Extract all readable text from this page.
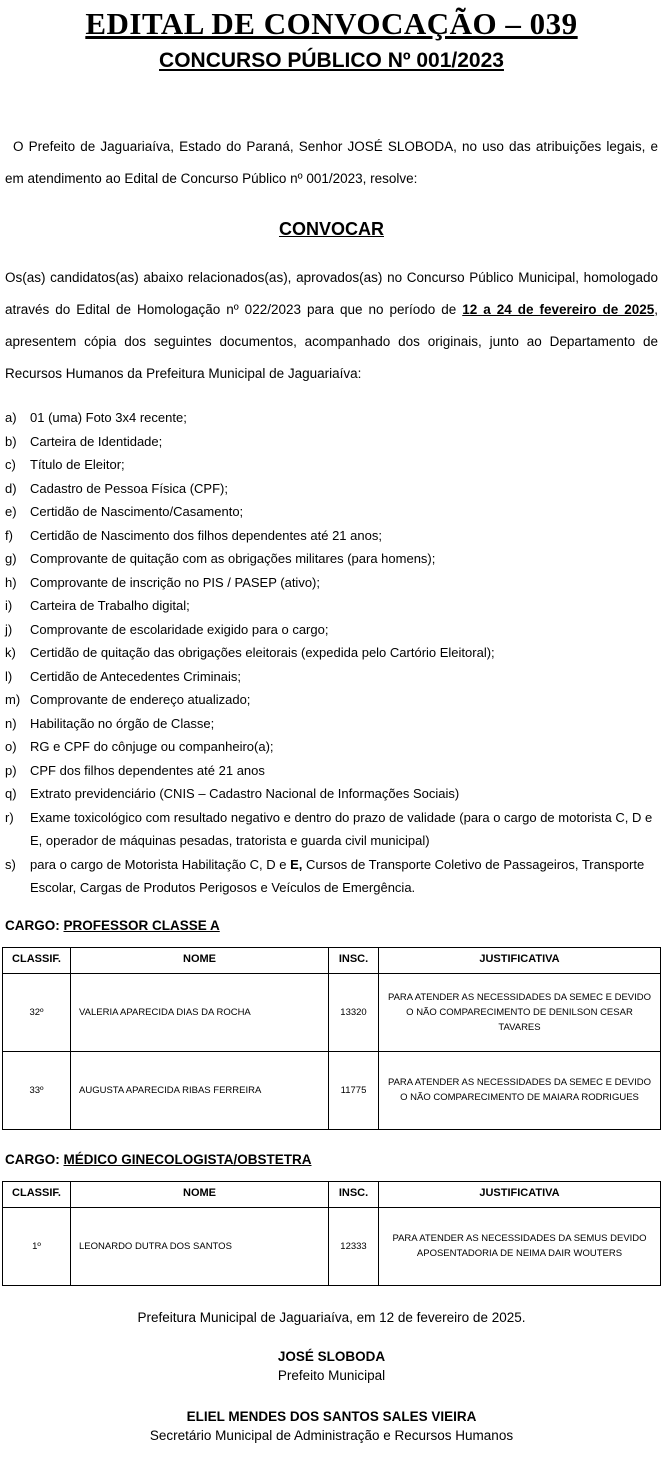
EDITAL DE CONVOCAÇÃO – 039
CONCURSO PÚBLICO Nº 001/2023

O Prefeito de Jaguariaíva, Estado do Paraná, Senhor JOSÉ SLOBODA, no uso das atribuições legais, e em atendimento ao Edital de Concurso Público nº 001/2023, resolve:

CONVOCAR

Os(as) candidatos(as) abaixo relacionados(as), aprovados(as) no Concurso Público Municipal, homologado através do Edital de Homologação nº 022/2023 para que no período de 12 a 24 de fevereiro de 2025, apresentem cópia dos seguintes documentos, acompanhado dos originais, junto ao Departamento de Recursos Humanos da Prefeitura Municipal de Jaguariaíva:

a)	01 (uma) Foto 3x4 recente;
b)	Carteira de Identidade;
c)	Título de Eleitor;
d)	Cadastro de Pessoa Física (CPF);
e)	Certidão de Nascimento/Casamento;
f)	Certidão de Nascimento dos filhos dependentes até 21 anos;
g)	Comprovante de quitação com as obrigações militares (para homens);
h)	Comprovante de inscrição no PIS / PASEP (ativo);
i)	Carteira de Trabalho digital;
j)	Comprovante de escolaridade exigido para o cargo;
k)	Certidão de quitação das obrigações eleitorais (expedida pelo Cartório Eleitoral);
l)	Certidão de Antecedentes Criminais;
m) Comprovante de endereço atualizado;
n)	Habilitação no órgão de Classe;
o)	RG e CPF do cônjuge ou companheiro(a);
p)	CPF dos filhos dependentes até 21 anos
q)	Extrato previdenciário (CNIS – Cadastro Nacional de Informações Sociais)
r)	Exame toxicológico com resultado negativo e dentro do prazo de validade (para o cargo de motorista C, D e E, operador de máquinas pesadas, tratorista e guarda civil municipal)
s)	para o cargo de Motorista Habilitação C, D e E, Cursos de Transporte Coletivo de Passageiros, Transporte Escolar, Cargas de Produtos Perigosos e Veículos de Emergência.
CARGO: PROFESSOR CLASSE A
CLASSIF.	NOME	INSC.	JUSTIFICATIVA
32º	VALERIA APARECIDA DIAS DA ROCHA	13320	PARA ATENDER AS NECESSIDADES DA SEMEC E DEVIDO O NÃO COMPARECIMENTO DE DENILSON CESAR TAVARES
33º	AUGUSTA APARECIDA RIBAS FERREIRA	11775	PARA ATENDER AS NECESSIDADES DA SEMEC E DEVIDO O NÃO COMPARECIMENTO DE MAIARA RODRIGUES
CARGO: MÉDICO GINECOLOGISTA/OBSTETRA
CLASSIF.	NOME	INSC.	JUSTIFICATIVA
1º	LEONARDO DUTRA DOS SANTOS	12333	PARA ATENDER AS NECESSIDADES DA SEMUS DEVIDO APOSENTADORIA DE NEIMA DAIR WOUTERS
Prefeitura Municipal de Jaguariaíva, em 12 de fevereiro de 2025.
JOSÉ SLOBODA
Prefeito Municipal
ELIEL MENDES DOS SANTOS SALES VIEIRA
Secretário Municipal de Administração e Recursos Humanos
